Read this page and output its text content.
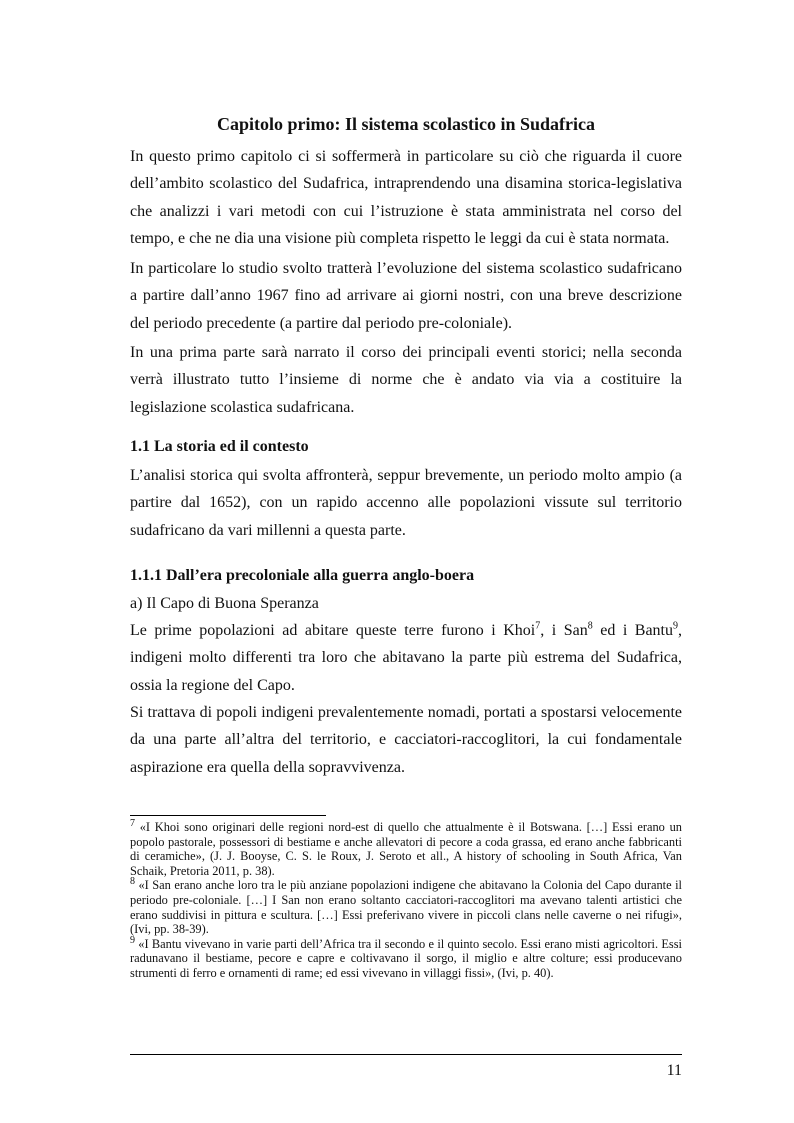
Capitolo primo: Il sistema scolastico in Sudafrica

In questo primo capitolo ci si soffermerà in particolare su ciò che riguarda il cuore dell’ambito scolastico del Sudafrica, intraprendendo una disamina storica-legislativa che analizzi i vari metodi con cui l’istruzione è stata amministrata nel corso del tempo, e che ne dia una visione più completa rispetto le leggi da cui è stata normata.

In particolare lo studio svolto tratterà l’evoluzione del sistema scolastico sudafricano a partire dall’anno 1967 fino ad arrivare ai giorni nostri, con una breve descrizione del periodo precedente (a partire dal periodo pre-coloniale).

In una prima parte sarà narrato il corso dei principali eventi storici; nella seconda verrà illustrato tutto l’insieme di norme che è andato via via a costituire la legislazione scolastica sudafricana.

1.1 La storia ed il contesto

L’analisi storica qui svolta affronterà, seppur brevemente, un periodo molto ampio (a partire dal 1652), con un rapido accenno alle popolazioni vissute sul territorio sudafricano da vari millenni a questa parte.

1.1.1 Dall’era precoloniale alla guerra anglo-boera

a) Il Capo di Buona Speranza

Le prime popolazioni ad abitare queste terre furono i Khoi$^7$, i San$^8$ ed i Bantu$^9$, indigeni molto differenti tra loro che abitavano la parte più estrema del Sudafrica, ossia la regione del Capo.

Si trattava di popoli indigeni prevalentemente nomadi, portati a spostarsi velocemente da una parte all’altra del territorio, e cacciatori-raccoglitori, la cui fondamentale aspirazione era quella della sopravvivenza.

$^7$ «I Khoi sono originari delle regioni nord-est di quello che attualmente è il Botswana. […] Essi erano un popolo pastorale, possessori di bestiame e anche allevatori di pecore a coda grassa, ed erano anche fabbricanti di ceramiche», (J. J. Booyse, C. S. le Roux, J. Seroto et all., A history of schooling in South Africa, Van Schaik, Pretoria 2011, p. 38).

$^8$ «I San erano anche loro tra le più anziane popolazioni indigene che abitavano la Colonia del Capo durante il periodo pre-coloniale. […] I San non erano soltanto cacciatori-raccoglitori ma avevano talenti artistici che erano suddivisi in pittura e scultura. […] Essi preferivano vivere in piccoli clans nelle caverne o nei rifugi», (Ivi, pp. 38-39).

$^9$ «I Bantu vivevano in varie parti dell’Africa tra il secondo e il quinto secolo. Essi erano misti agricoltori. Essi radunavano il bestiame, pecore e capre e coltivavano il sorgo, il miglio e altre colture; essi producevano strumenti di ferro e ornamenti di rame; ed essi vivevano in villaggi fissi», (Ivi, p. 40).

11
